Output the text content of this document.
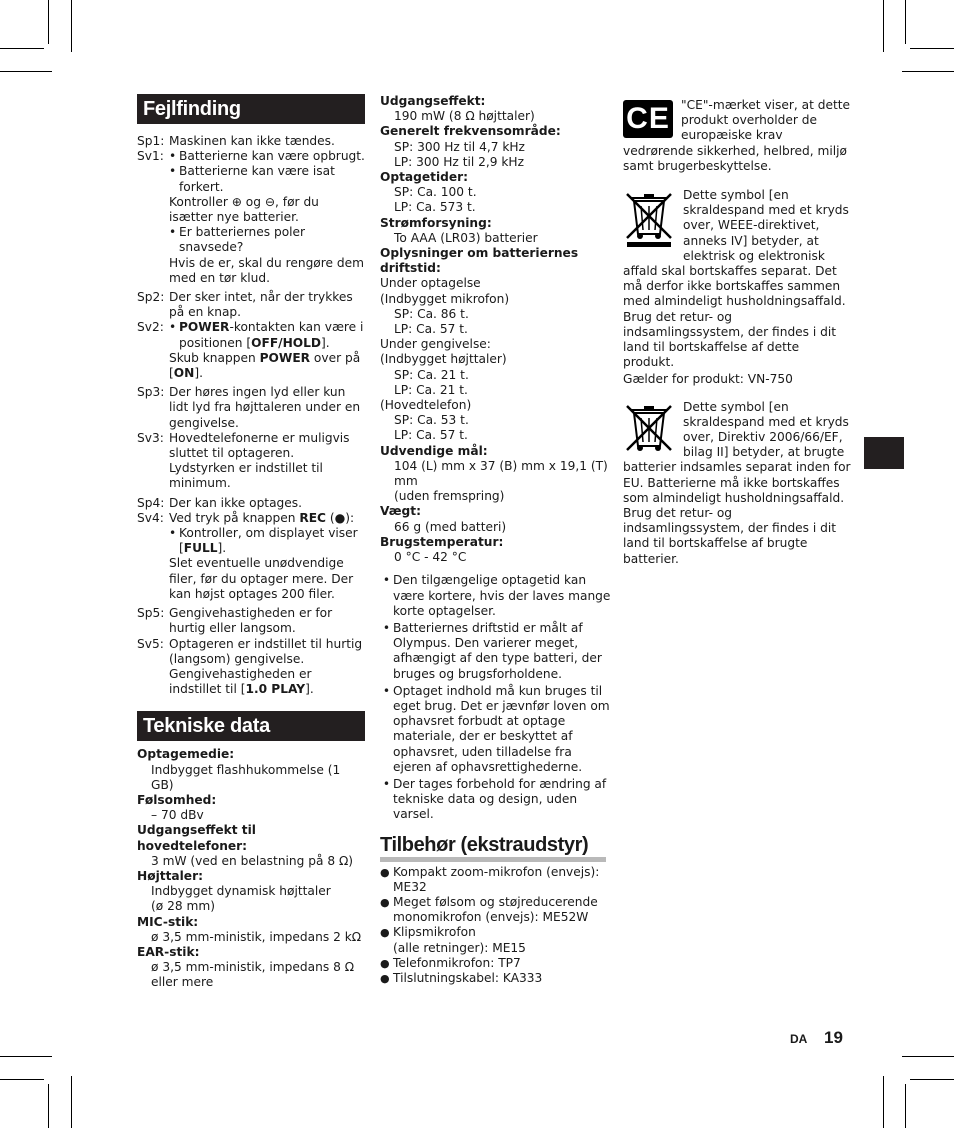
Fejlfinding
Sp1: Maskinen kan ikke tændes.
Sv1: • Batterierne kan være opbrugt.
• Batterierne kan være isat forkert.
Kontroller ⊕ og ⊖, før du isætter nye batterier.
• Er batteriernes poler snavsede?
Hvis de er, skal du rengøre dem med en tør klud.
Sp2: Der sker intet, når der trykkes på en knap.
Sv2: • POWER-kontakten kan være i positionen [OFF/HOLD].
Skub knappen POWER over på [ON].
Sp3: Der høres ingen lyd eller kun lidt lyd fra højttaleren under en gengivelse.
Sv3: Hovedtelefonerne er muligvis sluttet til optageren.
Lydstyrken er indstillet til minimum.
Sp4: Der kan ikke optages.
Sv4: Ved tryk på knappen REC (●):
• Kontroller, om displayet viser [FULL].
Slet eventuelle unødvendige filer, før du optager mere. Der kan højst optages 200 filer.
Sp5: Gengivehastigheden er for hurtig eller langsom.
Sv5: Optageren er indstillet til hurtig (langsom) gengivelse. Gengivehastigheden er indstillet til [1.0 PLAY].
Tekniske data
Optagemedie:
Indbygget flashhukommelse (1 GB)
Følsomhed:
– 70 dBv
Udgangseffekt til hovedtelefoner:
3 mW (ved en belastning på 8 Ω)
Højttaler:
Indbygget dynamisk højttaler
(ø 28 mm)
MIC-stik:
ø 3,5 mm-ministik, impedans 2 kΩ
EAR-stik:
ø 3,5 mm-ministik, impedans 8 Ω eller mere
Udgangseffekt:
190 mW (8 Ω højttaler)
Generelt frekvensområde:
SP: 300 Hz til 4,7 kHz
LP: 300 Hz til 2,9 kHz
Optagetider:
SP: Ca. 100 t.
LP: Ca. 573 t.
Strømforsyning:
To AAA (LR03) batterier
Oplysninger om batteriernes driftstid:
Under optagelse
(Indbygget mikrofon)
SP: Ca. 86 t.
LP: Ca. 57 t.
Under gengivelse:
(Indbygget højttaler)
SP: Ca. 21 t.
LP: Ca. 21 t.
(Hovedtelefon)
SP: Ca. 53 t.
LP: Ca. 57 t.
Udvendige mål:
104 (L) mm x 37 (B) mm x 19,1 (T) mm
(uden fremspring)
Vægt:
66 g (med batteri)
Brugstemperatur:
0 °C - 42 °C
• Den tilgængelige optagetid kan være kortere, hvis der laves mange korte optagelser.
• Batteriernes driftstid er målt af Olympus. Den varierer meget, afhængigt af den type batteri, der bruges og brugsforholdene.
• Optaget indhold må kun bruges til eget brug. Det er jævnfør loven om ophavsret forbudt at optage materiale, der er beskyttet af ophavsret, uden tilladelse fra ejeren af ophavsrettighederne.
• Der tages forbehold for ændring af tekniske data og design, uden varsel.
Tilbehør (ekstraudstyr)
● Kompakt zoom-mikrofon (envejs): ME32
● Meget følsom og støjreducerende monomikrofon (envejs): ME52W
● Klipsmikrofon
(alle retninger): ME15
● Telefonmikrofon: TP7
● Tilslutningskabel: KA333
CE "CE"-mærket viser, at dette produkt overholder de europæiske krav vedrørende sikkerhed, helbred, miljø samt brugerbeskyttelse.
Dette symbol [en skraldespand med et kryds over, WEEE-direktivet, anneks IV] betyder, at elektrisk og elektronisk affald skal bortskaffes separat. Det må derfor ikke bortskaffes sammen med almindeligt husholdningsaffald. Brug det retur- og indsamlingssystem, der findes i dit land til bortskaffelse af dette produkt.
Gælder for produkt: VN-750
Dette symbol [en skraldespand med et kryds over, Direktiv 2006/66/EF, bilag II] betyder, at brugte batterier indsamles separat inden for EU. Batterierne må ikke bortskaffes som almindeligt husholdningsaffald. Brug det retur- og indsamlingssystem, der findes i dit land til bortskaffelse af brugte batterier.
DA 19
